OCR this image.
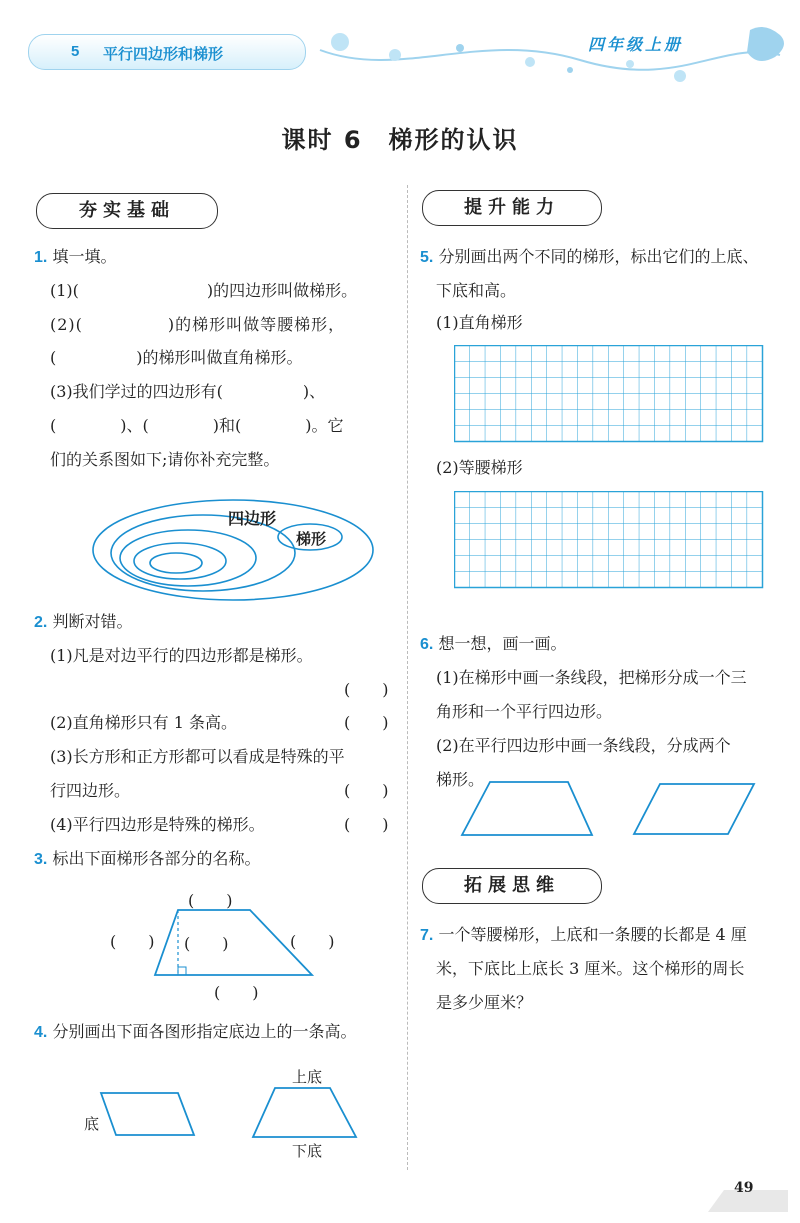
5 平行四边形和梯形
四年级上册
课时 6　梯形的认识
夯实基础	提升能力
拓展思维
1. 填一填。
(1)(　　　　　　　　)的四边形叫做梯形。
(2)(　　　　　)的梯形叫做等腰梯形，
(　　　　　)的梯形叫做直角梯形。
(3)我们学过的四边形有(　　　　　)、
(　　　　)、(　　　　)和(　　　　)。它
们的关系图如下;请你补充完整。
四边形
梯形
2. 判断对错。
(1)凡是对边平行的四边形都是梯形。
(　　)
(2)直角梯形只有 1 条高。	(　　)
(3)长方形和正方形都可以看成是特殊的平
行四边形。	(　　)
(4)平行四边形是特殊的梯形。	(　　)
3. 标出下面梯形各部分的名称。
(　　)
(　　) (　　)	(　　)
(　　)
4. 分别画出下面各图形指定底边上的一条高。
底
上底
下底
5. 分别画出两个不同的梯形，标出它们的上底、
下底和高。
(1)直角梯形
(2)等腰梯形
6. 想一想，画一画。
(1)在梯形中画一条线段，把梯形分成一个三
角形和一个平行四边形。
(2)在平行四边形中画一条线段，分成两个
梯形。
7. 一个等腰梯形，上底和一条腰的长都是 4 厘
米，下底比上底长 3 厘米。这个梯形的周长
是多少厘米？
49
